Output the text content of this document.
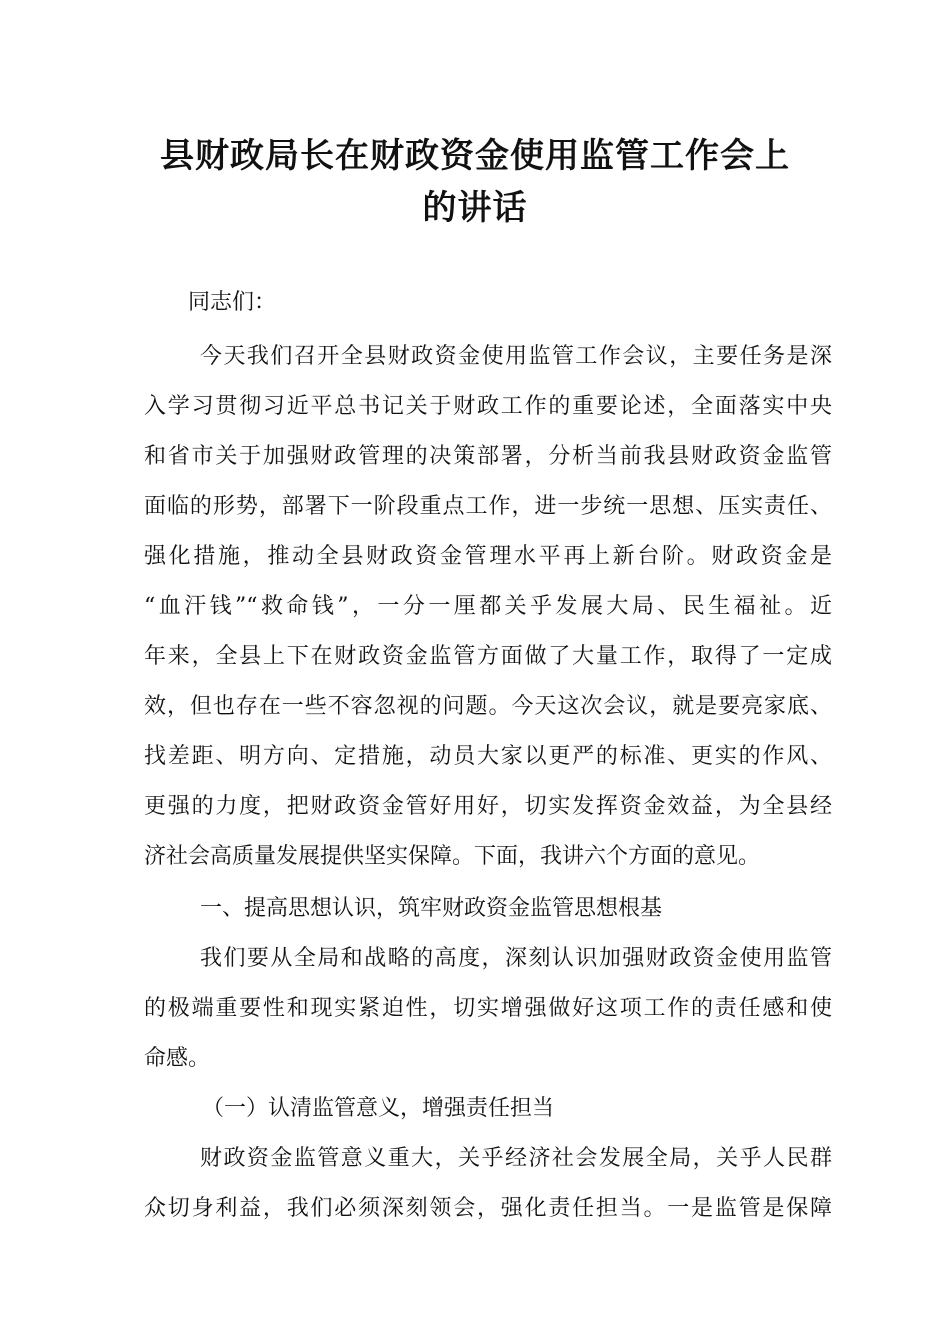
县财政局长在财政资金使用监管工作会上
的讲话
同志们：
今天我们召开全县财政资金使用监管工作会议，主要任务是深
入学习贯彻习近平总书记关于财政工作的重要论述，全面落实中央
和省市关于加强财政管理的决策部署，分析当前我县财政资金监管
面临的形势，部署下一阶段重点工作，进一步统一思想、压实责任、
强化措施，推动全县财政资金管理水平再上新台阶。财政资金是
“血汗钱”“救命钱”，一分一厘都关乎发展大局、民生福祉。近
年来，全县上下在财政资金监管方面做了大量工作，取得了一定成
效，但也存在一些不容忽视的问题。今天这次会议，就是要亮家底、
找差距、明方向、定措施，动员大家以更严的标准、更实的作风、
更强的力度，把财政资金管好用好，切实发挥资金效益，为全县经
济社会高质量发展提供坚实保障。下面，我讲六个方面的意见。
一、提高思想认识，筑牢财政资金监管思想根基
我们要从全局和战略的高度，深刻认识加强财政资金使用监管
的极端重要性和现实紧迫性，切实增强做好这项工作的责任感和使
命感。
（一）认清监管意义，增强责任担当
财政资金监管意义重大，关乎经济社会发展全局，关乎人民群
众切身利益，我们必须深刻领会，强化责任担当。一是监管是保障
